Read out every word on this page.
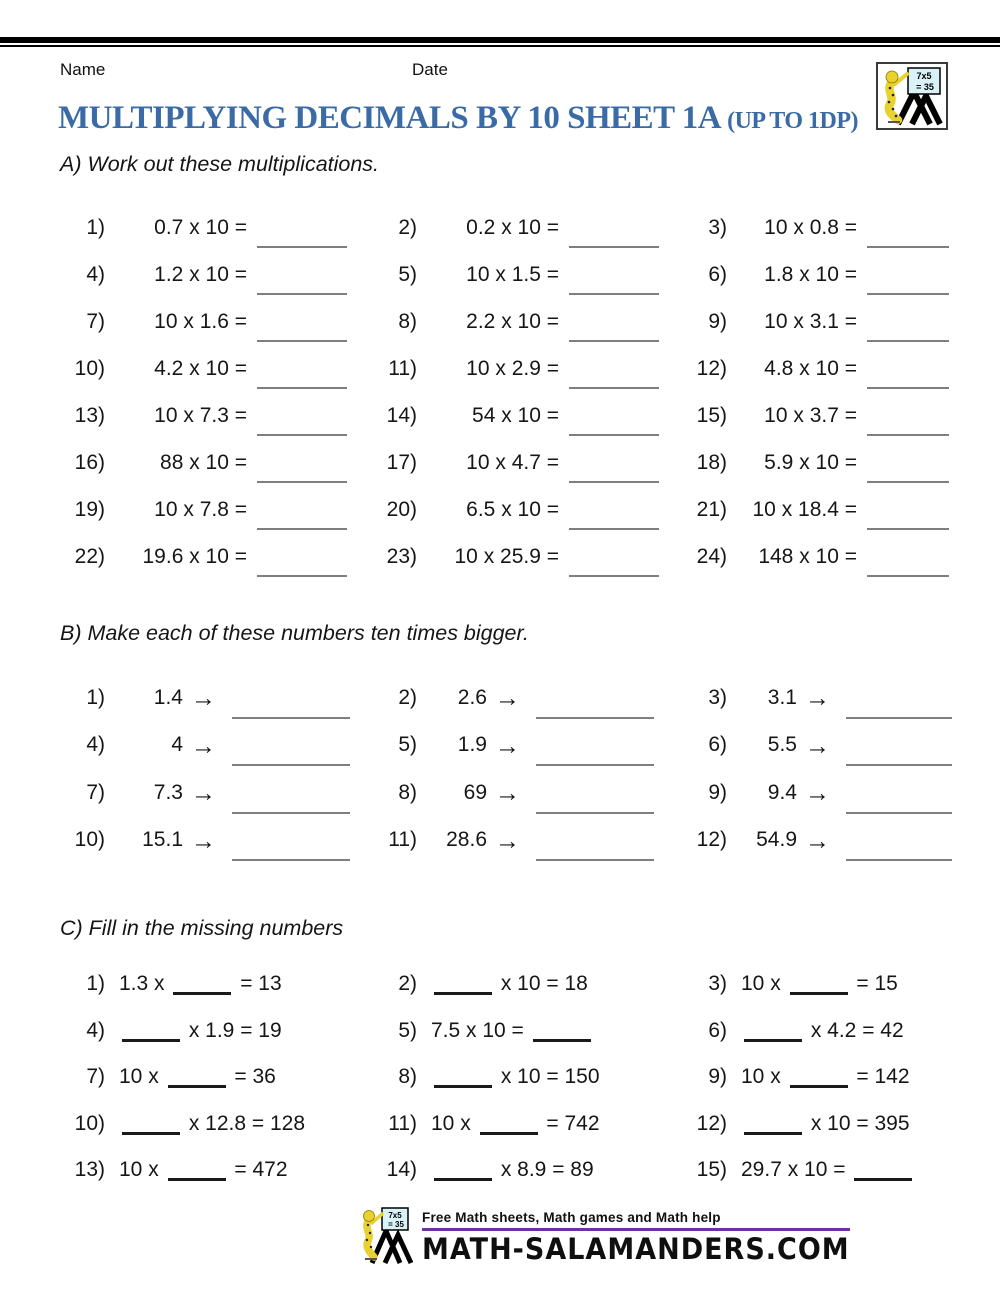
Name	Date	7x5
= 35
MULTIPLYING DECIMALS BY 10 SHEET 1A (UP TO 1DP)
A) Work out these multiplications.
1)	0.7 x 10 =	2)	0.2 x 10 =	3)	10 x 0.8 =
4)	1.2 x 10 =	5)	10 x 1.5 =	6)	1.8 x 10 =
7)	10 x 1.6 =	8)	2.2 x 10 =	9)	10 x 3.1 =
10)	4.2 x 10 =	11)	10 x 2.9 =	12)	4.8 x 10 =
13)	10 x 7.3 =	14)	54 x 10 =	15)	10 x 3.7 =
16)	88 x 10 =	17)	10 x 4.7 =	18)	5.9 x 10 =
19)	10 x 7.8 =	20)	6.5 x 10 =	21)	10 x 18.4 =
22)	19.6 x 10 =	23)	10 x 25.9 =	24)	148 x 10 =
B) Make each of these numbers ten times bigger.
1)	1.4 →	2)	2.6 →	3)	3.1 →
4)	4 →	5)	1.9 →	6)	5.5 →
7)	7.3 →	8)	69 →	9)	9.4 →
10)	15.1 →	11)	28.6 →	12)	54.9 →
C) Fill in the missing numbers
1) 1.3 x	= 13	2)	x 10 = 18	3) 10 x	= 15
4)	x 1.9 = 19	5) 7.5 x 10 =	6)	x 4.2 = 42
7) 10 x	= 36	8)	x 10 = 150	9) 10 x	= 142
10)	x 12.8 = 128	11) 10 x	= 742	12)	x 10 = 395
13) 10 x	= 472	14)	x 8.9 = 89	15) 29.7 x 10 =
7x5
= 35 Free Math sheets, Math games and Math help
MATH-SALAMANDERS.COM
